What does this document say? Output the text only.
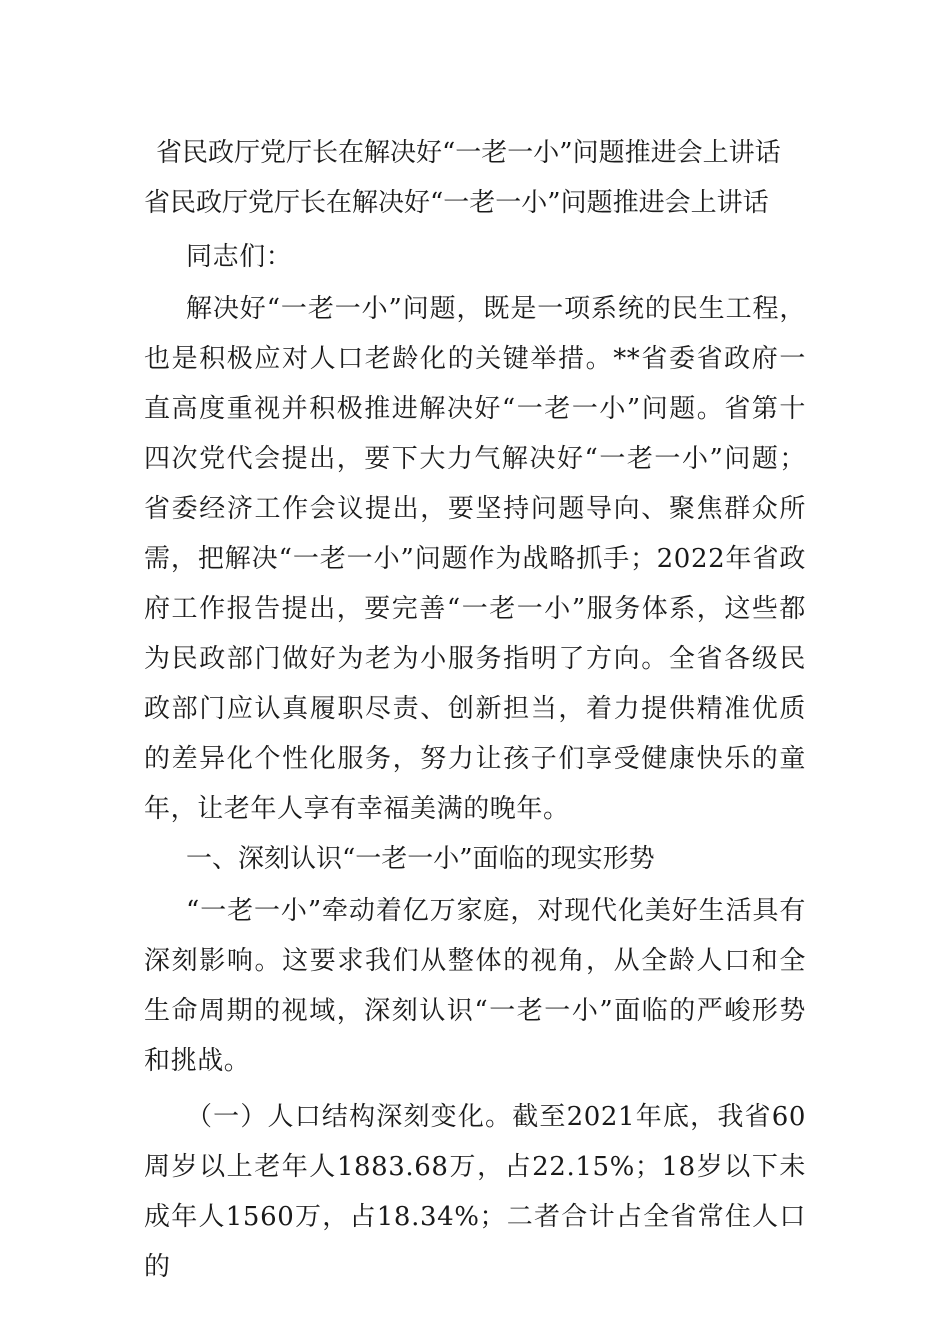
省民政厅党厅长在解决好“一老一小”问题推进会上讲话

省民政厅党厅长在解决好“一老一小”问题推进会上讲话

同志们：

解决好“一老一小”问题，既是一项系统的民生工程，也是积极应对人口老龄化的关键举措。**省委省政府一直高度重视并积极推进解决好“一老一小”问题。省第十四次党代会提出，要下大力气解决好“一老一小”问题；省委经济工作会议提出，要坚持问题导向、聚焦群众所需，把解决“一老一小”问题作为战略抓手；2022年省政府工作报告提出，要完善“一老一小”服务体系，这些都为民政部门做好为老为小服务指明了方向。全省各级民政部门应认真履职尽责、创新担当，着力提供精准优质的差异化个性化服务，努力让孩子们享受健康快乐的童年，让老年人享有幸福美满的晚年。

一、深刻认识“一老一小”面临的现实形势

“一老一小”牵动着亿万家庭，对现代化美好生活具有深刻影响。这要求我们从整体的视角，从全龄人口和全生命周期的视域，深刻认识“一老一小”面临的严峻形势和挑战。

（一）人口结构深刻变化。截至2021年底，我省60周岁以上老年人1883.68万，占22.15%；18岁以下未成年人1560万，占18.34%；二者合计占全省常住人口的
